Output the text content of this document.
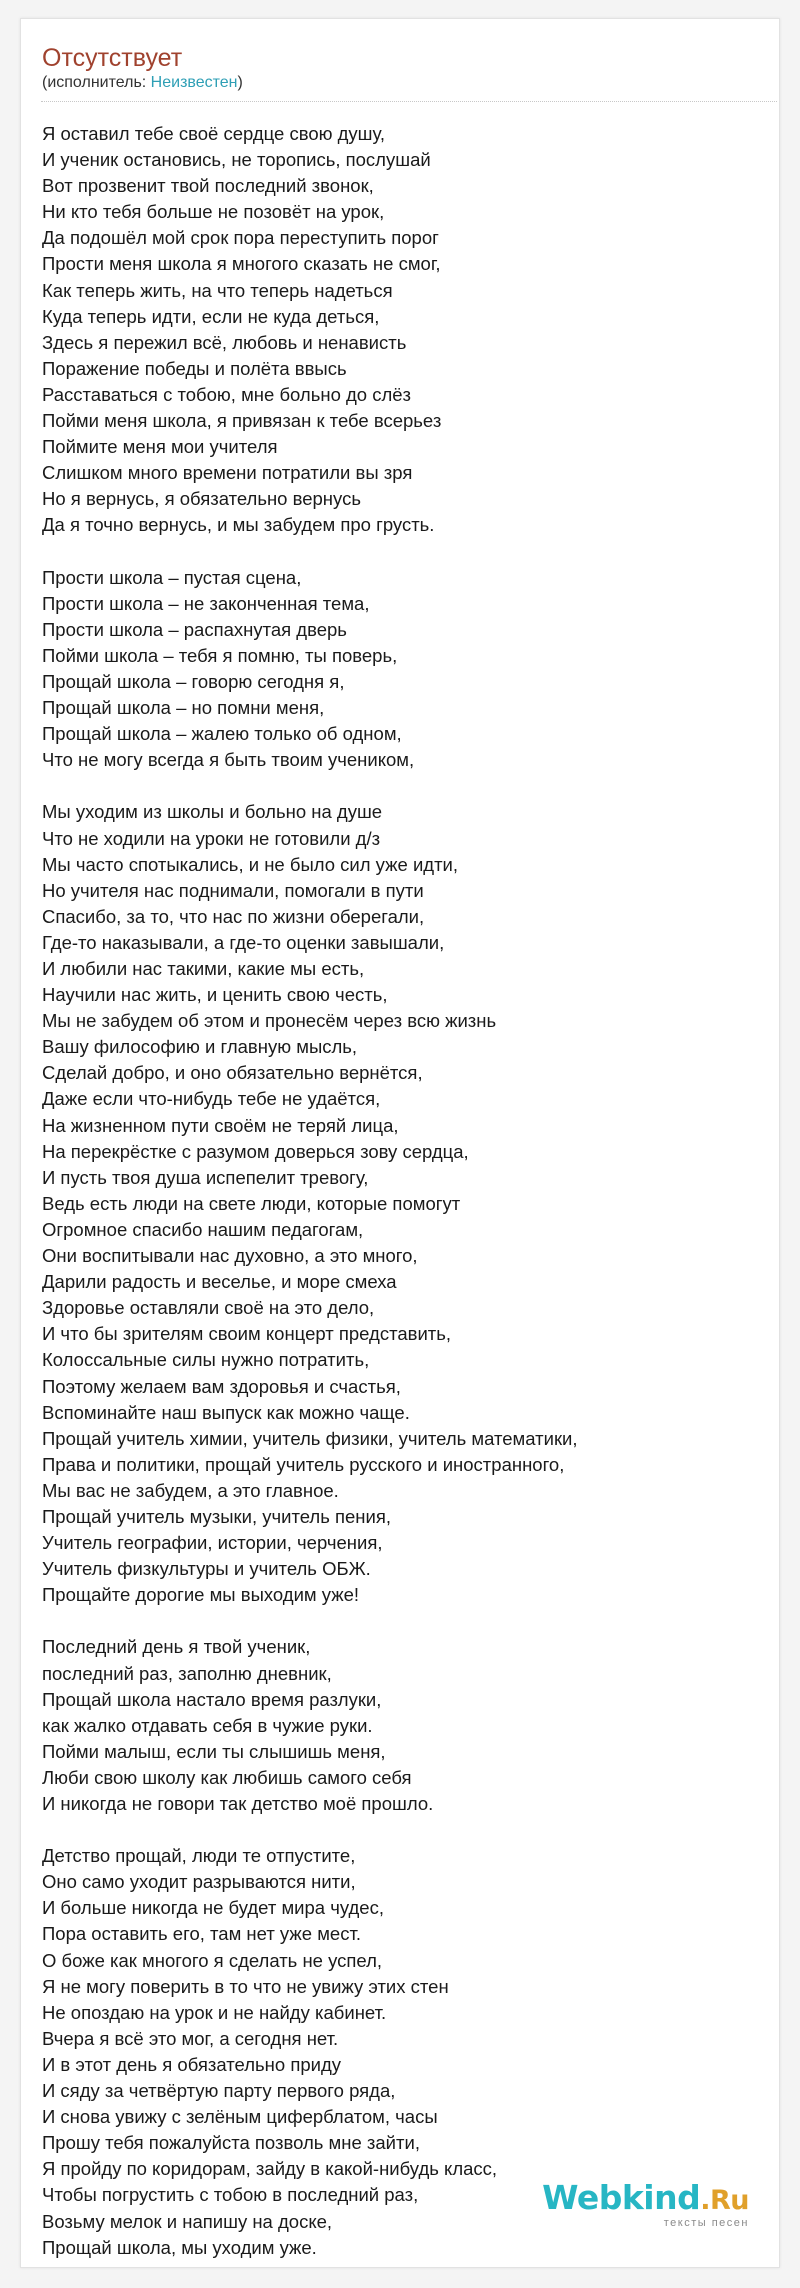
Отсутствует
(исполнитель: Неизвестен)
Я оставил тебе своё сердце свою душу,
И ученик остановись, не торопись, послушай
Вот прозвенит твой последний звонок,
Ни кто тебя больше не позовёт на урок,
Да подошёл мой срок пора переступить порог
Прости меня школа я многого сказать не смог,
Как теперь жить, на что теперь надеться
Куда теперь идти, если не куда деться,
Здесь я пережил всё, любовь и ненависть
Поражение победы и полёта ввысь
Расставаться с тобою, мне больно до слёз
Пойми меня школа, я привязан к тебе всерьез
Поймите меня мои учителя
Слишком много времени потратили вы зря
Но я вернусь, я обязательно вернусь
Да я точно вернусь, и мы забудем про грусть.
Прости школа – пустая сцена,
Прости школа – не законченная тема,
Прости школа – распахнутая дверь
Пойми школа – тебя я помню, ты поверь,
Прощай школа – говорю сегодня я,
Прощай школа – но помни меня,
Прощай школа – жалею только об одном,
Что не могу всегда я быть твоим учеником,
Мы уходим из школы и больно на душе
Что не ходили на уроки не готовили д/з
Мы часто спотыкались, и не было сил уже идти,
Но учителя нас поднимали, помогали в пути
Спасибо, за то, что нас по жизни оберегали,
Где-то наказывали, а где-то оценки завышали,
И любили нас такими, какие мы есть,
Научили нас жить, и ценить свою честь,
Мы не забудем об этом и пронесём через всю жизнь
Вашу философию и главную мысль,
Сделай добро, и оно обязательно вернётся,
Даже если что-нибудь тебе не удаётся,
На жизненном пути своём не теряй лица,
На перекрёстке с разумом доверься зову сердца,
И пусть твоя душа испепелит тревогу,
Ведь есть люди на свете люди, которые помогут
Огромное спасибо нашим педагогам,
Они воспитывали нас духовно, а это много,
Дарили радость и веселье, и море смеха
Здоровье оставляли своё на это дело,
И что бы зрителям своим концерт представить,
Колоссальные силы нужно потратить,
Поэтому желаем вам здоровья и счастья,
Вспоминайте наш выпуск как можно чаще.
Прощай учитель химии, учитель физики, учитель математики,
Права и политики, прощай учитель русского и иностранного,
Мы вас не забудем, а это главное.
Прощай учитель музыки, учитель пения,
Учитель географии, истории, черчения,
Учитель физкультуры и учитель ОБЖ.
Прощайте дорогие мы выходим уже!
Последний день я твой ученик,
последний раз, заполню дневник,
Прощай школа настало время разлуки,
как жалко отдавать себя в чужие руки.
Пойми малыш, если ты слышишь меня,
Люби свою школу как любишь самого себя
И никогда не говори так детство моё прошло.
Детство прощай, люди те отпустите,
Оно само уходит разрываются нити,
И больше никогда не будет мира чудес,
Пора оставить его, там нет уже мест.
О боже как многого я сделать не успел,
Я не могу поверить в то что не увижу этих стен
Не опоздаю на урок и не найду кабинет.
Вчера я всё это мог, а сегодня нет.
И в этот день я обязательно приду
И сяду за четвёртую парту первого ряда,
И снова увижу с зелёным циферблатом, часы
Прошу тебя пожалуйста позволь мне зайти,
Я пройду по коридорам, зайду в какой-нибудь класс,
Чтобы погрустить с тобою в последний раз,
Возьму мелок и напишу на доске,
Прощай школа, мы уходим уже.
Webkind.Ru
тексты песен
